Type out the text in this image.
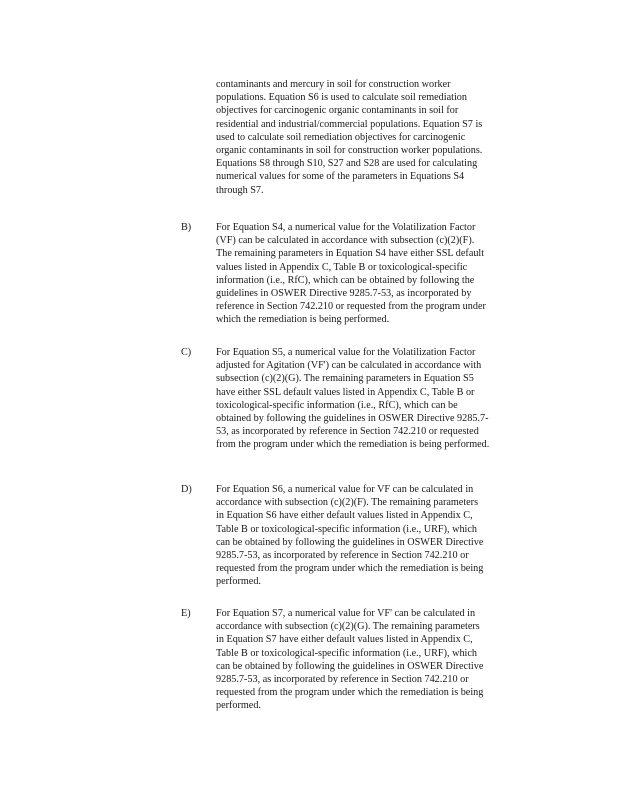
contaminants and mercury in soil for construction worker
populations. Equation S6 is used to calculate soil remediation
objectives for carcinogenic organic contaminants in soil for
residential and industrial/commercial populations. Equation S7 is
used to calculate soil remediation objectives for carcinogenic
organic contaminants in soil for construction worker populations.
Equations S8 through S10, S27 and S28 are used for calculating
numerical values for some of the parameters in Equations S4
through S7.
B) For Equation S4, a numerical value for the Volatilization Factor
(VF) can be calculated in accordance with subsection (c)(2)(F).
The remaining parameters in Equation S4 have either SSL default
values listed in Appendix C, Table B or toxicological-specific
information (i.e., RfC), which can be obtained by following the
guidelines in OSWER Directive 9285.7-53, as incorporated by
reference in Section 742.210 or requested from the program under
which the remediation is being performed.
C) For Equation S5, a numerical value for the Volatilization Factor
adjusted for Agitation (VF') can be calculated in accordance with
subsection (c)(2)(G). The remaining parameters in Equation S5
have either SSL default values listed in Appendix C, Table B or
toxicological-specific information (i.e., RfC), which can be
obtained by following the guidelines in OSWER Directive 9285.7-
53, as incorporated by reference in Section 742.210 or requested
from the program under which the remediation is being performed.
D) For Equation S6, a numerical value for VF can be calculated in
accordance with subsection (c)(2)(F). The remaining parameters
in Equation S6 have either default values listed in Appendix C,
Table B or toxicological-specific information (i.e., URF), which
can be obtained by following the guidelines in OSWER Directive
9285.7-53, as incorporated by reference in Section 742.210 or
requested from the program under which the remediation is being
performed.
E) For Equation S7, a numerical value for VF' can be calculated in
accordance with subsection (c)(2)(G). The remaining parameters
in Equation S7 have either default values listed in Appendix C,
Table B or toxicological-specific information (i.e., URF), which
can be obtained by following the guidelines in OSWER Directive
9285.7-53, as incorporated by reference in Section 742.210 or
requested from the program under which the remediation is being
performed.
